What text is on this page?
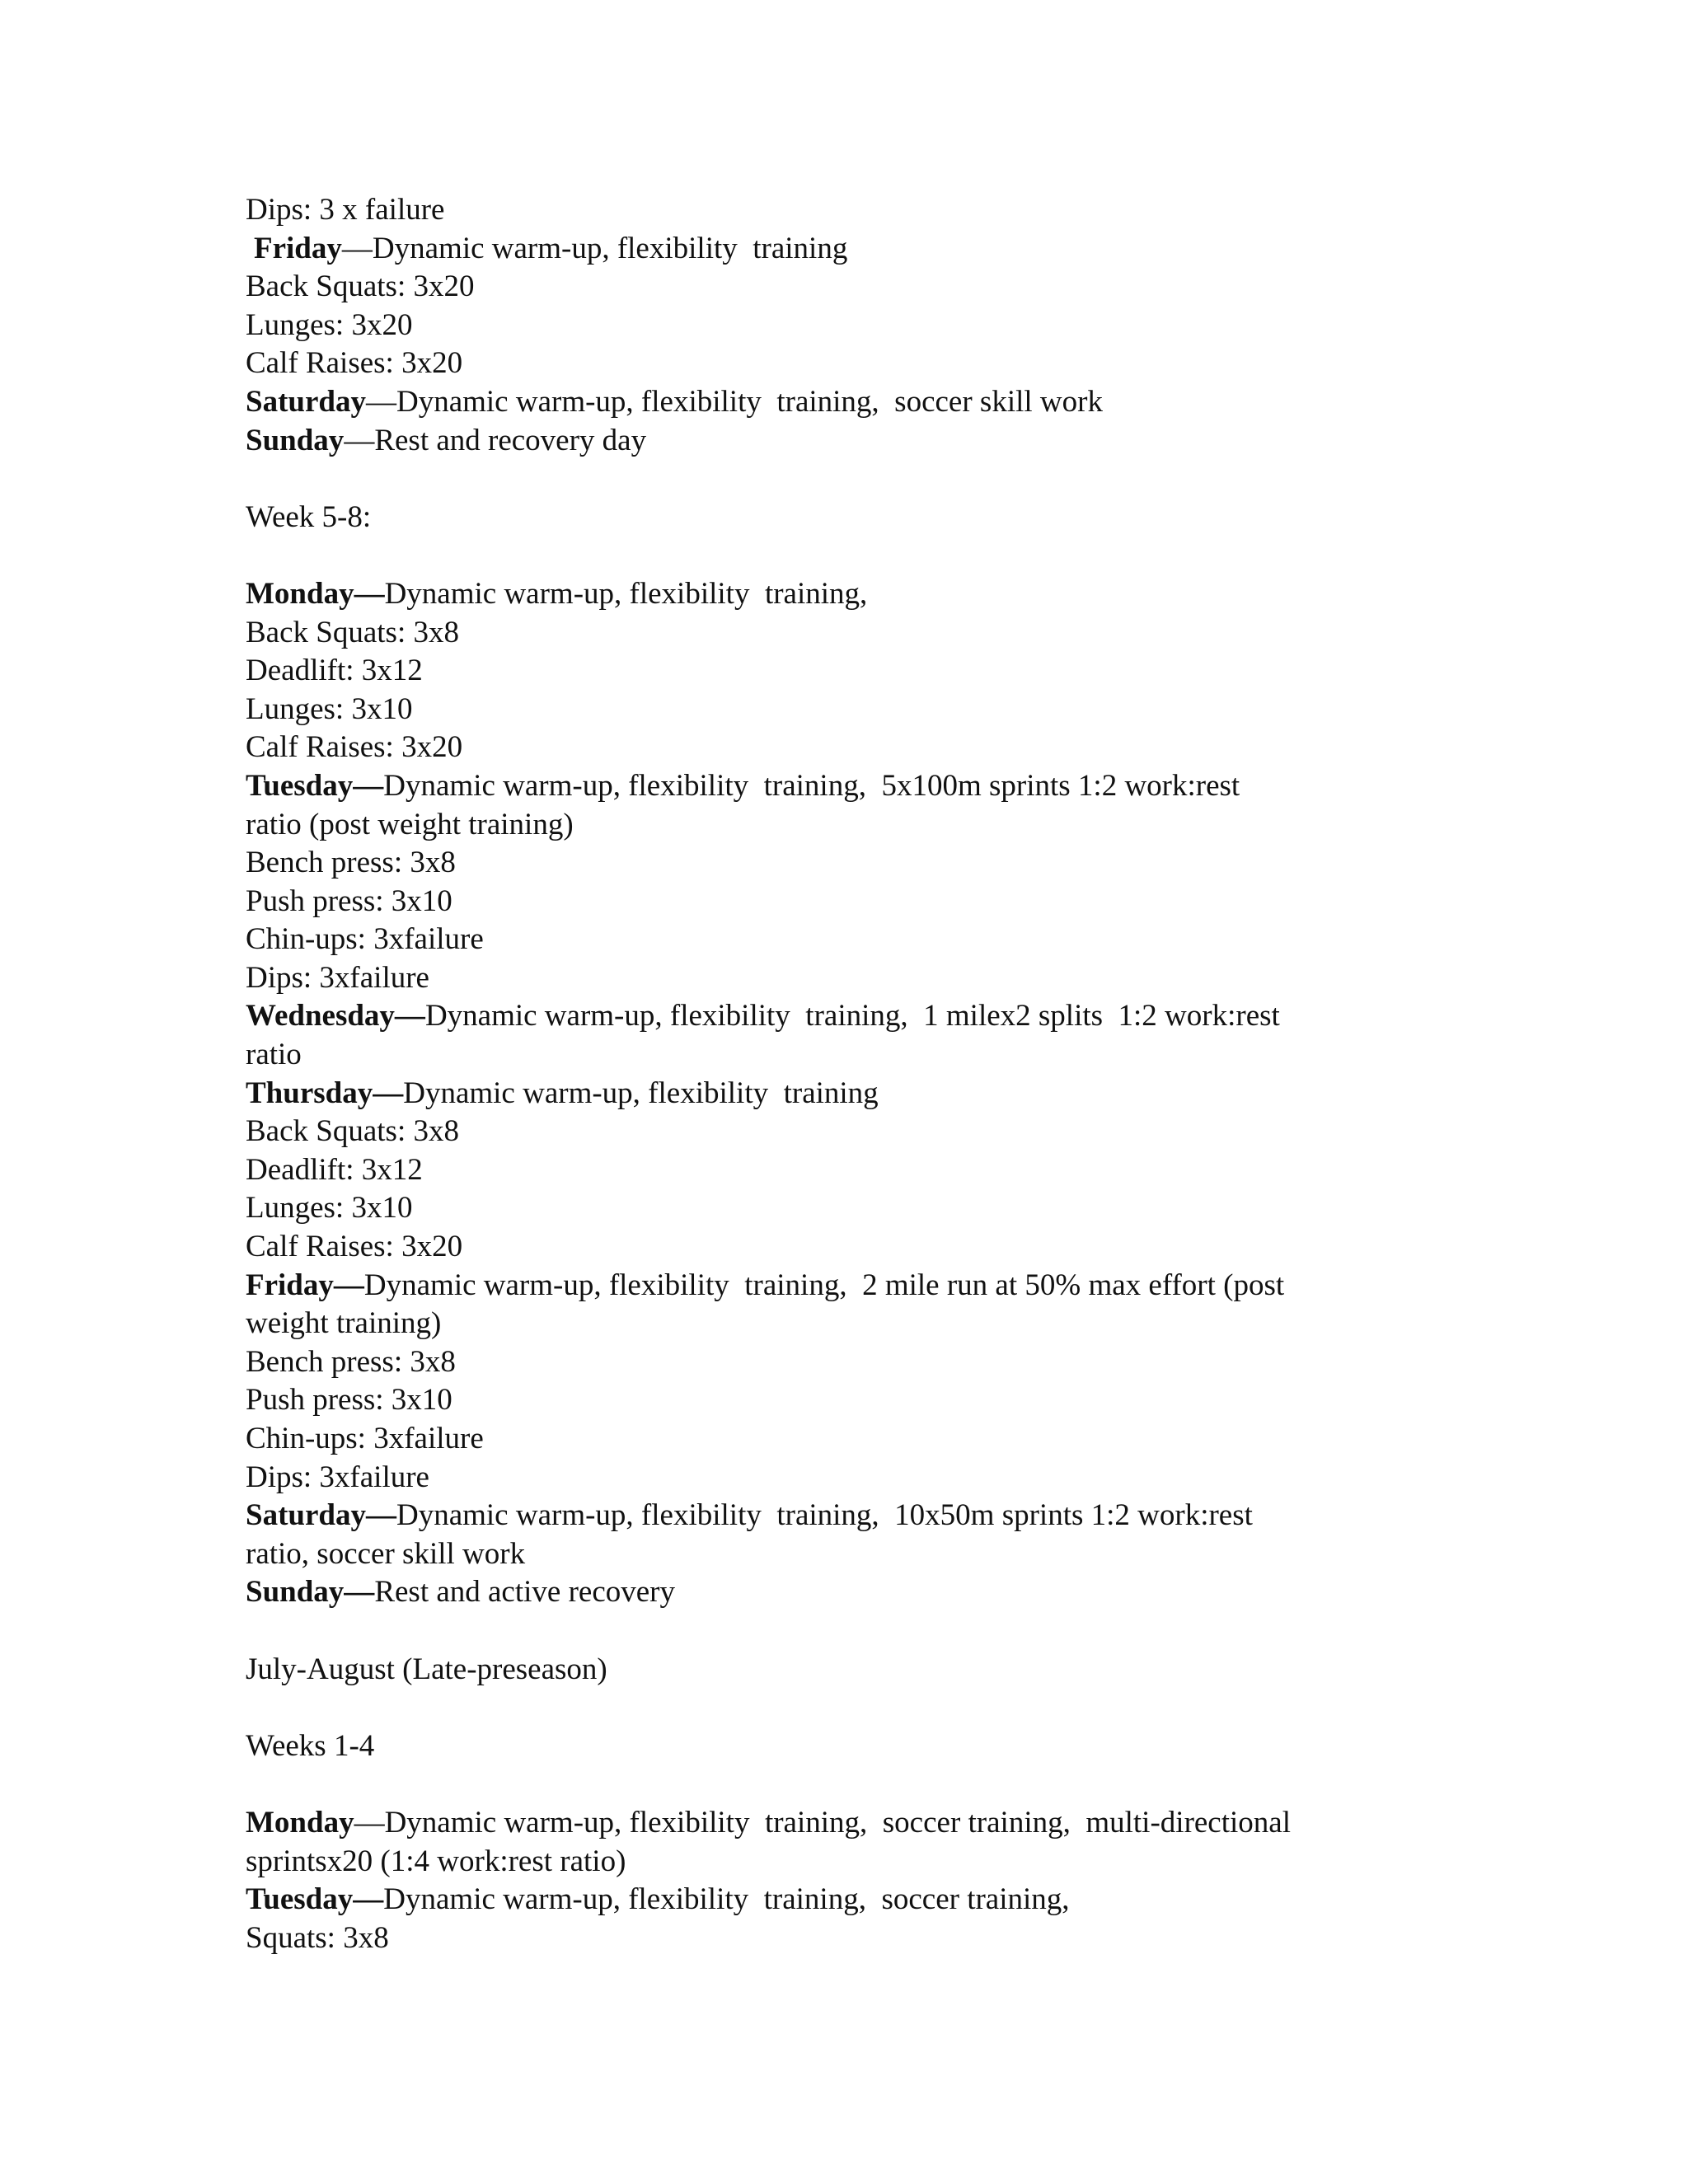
Dips: 3 x failure
Friday—Dynamic warm-up, flexibility  training
Back Squats: 3x20
Lunges: 3x20
Calf Raises: 3x20
Saturday—Dynamic warm-up, flexibility  training,  soccer skill work
Sunday—Rest and recovery day
Week 5-8:
Monday—Dynamic warm-up, flexibility  training,
Back Squats: 3x8
Deadlift: 3x12
Lunges: 3x10
Calf Raises: 3x20
Tuesday—Dynamic warm-up, flexibility  training,  5x100m sprints 1:2 work:rest
ratio (post weight training)
Bench press: 3x8
Push press: 3x10
Chin-ups: 3xfailure
Dips: 3xfailure
Wednesday—Dynamic warm-up, flexibility  training,  1 milex2 splits  1:2 work:rest
ratio
Thursday—Dynamic warm-up, flexibility  training
Back Squats: 3x8
Deadlift: 3x12
Lunges: 3x10
Calf Raises: 3x20
Friday—Dynamic warm-up, flexibility  training,  2 mile run at 50% max effort (post
weight training)
Bench press: 3x8
Push press: 3x10
Chin-ups: 3xfailure
Dips: 3xfailure
Saturday—Dynamic warm-up, flexibility  training,  10x50m sprints 1:2 work:rest
ratio, soccer skill work
Sunday—Rest and active recovery
July-August (Late-preseason)
Weeks 1-4
Monday—Dynamic warm-up, flexibility  training,  soccer training,  multi-directional
sprintsx20 (1:4 work:rest ratio)
Tuesday—Dynamic warm-up, flexibility  training,  soccer training,
Squats: 3x8
